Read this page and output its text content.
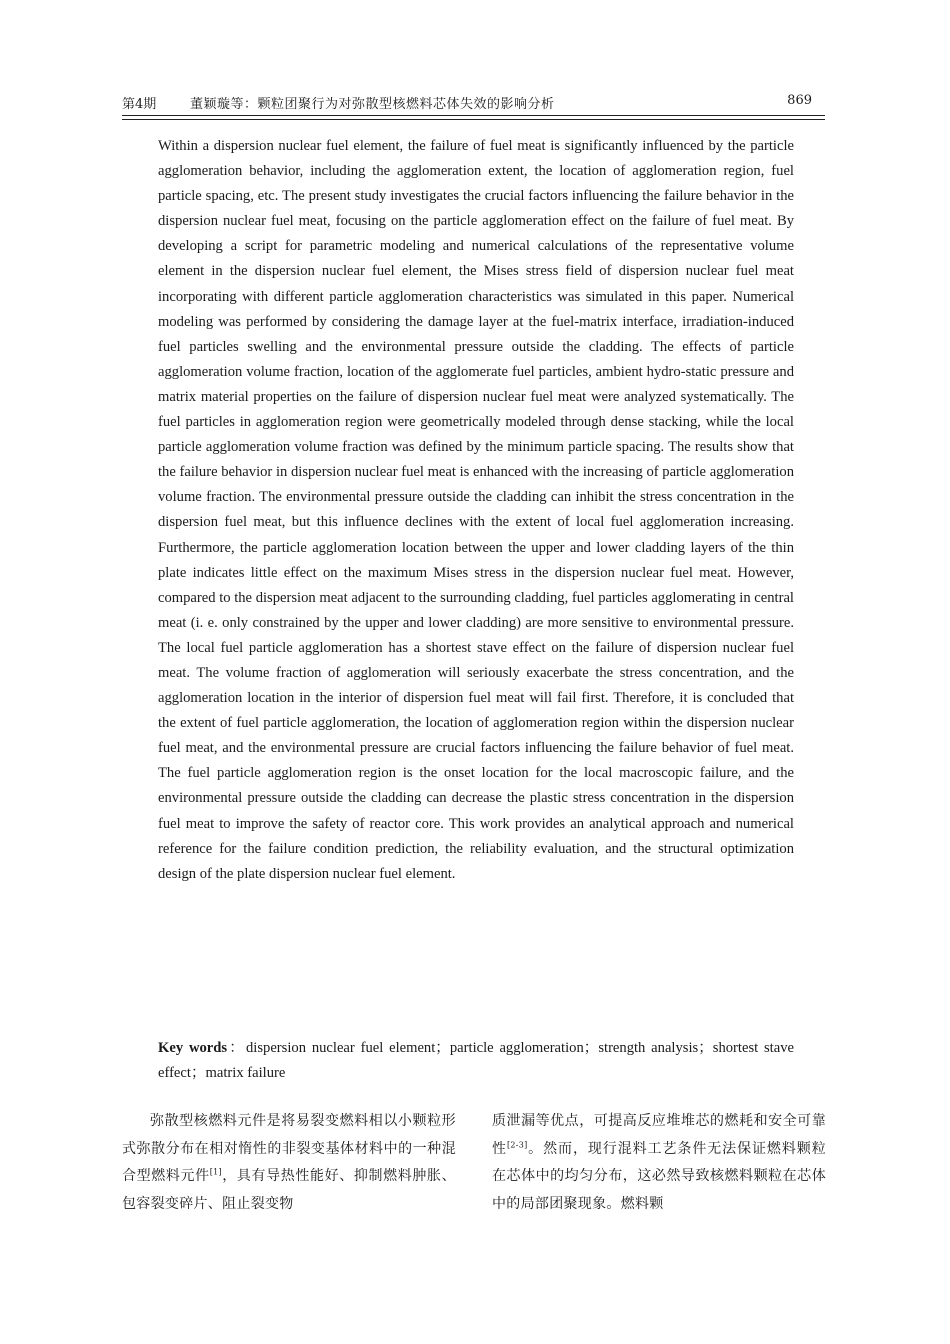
第4期	董颖璇等：颗粒团聚行为对弥散型核燃料芯体失效的影响分析	869

Within a dispersion nuclear fuel element, the failure of fuel meat is significantly influenced by the particle agglomeration behavior, including the agglomeration extent, the location of agglomeration region, fuel particle spacing, etc. The present study investigates the crucial factors influencing the failure behavior in the dispersion nuclear fuel meat, focusing on the particle agglomeration effect on the failure of fuel meat. By developing a script for parametric modeling and numerical calculations of the representative volume element in the dispersion nuclear fuel element, the Mises stress field of dispersion nuclear fuel meat incorporating with different particle agglomeration characteristics was simulated in this paper. Numerical modeling was performed by considering the damage layer at the fuel-matrix interface, irradiation-induced fuel particles swelling and the environmental pressure outside the cladding. The effects of particle agglomeration volume fraction, location of the agglomerate fuel particles, ambient hydro-static pressure and matrix material properties on the failure of dispersion nuclear fuel meat were analyzed systematically. The fuel particles in agglomeration region were geometrically modeled through dense stacking, while the local particle agglomeration volume fraction was defined by the minimum particle spacing. The results show that the failure behavior in dispersion nuclear fuel meat is enhanced with the increasing of particle agglomeration volume fraction. The environmental pressure outside the cladding can inhibit the stress concentration in the dispersion fuel meat, but this influence declines with the extent of local fuel agglomeration increasing. Furthermore, the particle agglomeration location between the upper and lower cladding layers of the thin plate indicates little effect on the maximum Mises stress in the dispersion nuclear fuel meat. However, compared to the dispersion meat adjacent to the surrounding cladding, fuel particles agglomerating in central meat (i. e. only constrained by the upper and lower cladding) are more sensitive to environmental pressure. The local fuel particle agglomeration has a shortest stave effect on the failure of dispersion nuclear fuel meat. The volume fraction of agglomeration will seriously exacerbate the stress concentration, and the agglomeration location in the interior of dispersion fuel meat will fail first. Therefore, it is concluded that the extent of fuel particle agglomeration, the location of agglomeration region within the dispersion nuclear fuel meat, and the environmental pressure are crucial factors influencing the failure behavior of fuel meat. The fuel particle agglomeration region is the onset location for the local macroscopic failure, and the environmental pressure outside the cladding can decrease the plastic stress concentration in the dispersion fuel meat to improve the safety of reactor core. This work provides an analytical approach and numerical reference for the failure condition prediction, the reliability evaluation, and the structural optimization design of the plate dispersion nuclear fuel element.

Key words：dispersion nuclear fuel element；particle agglomeration；strength analysis；shortest stave effect；matrix failure

弥散型核燃料元件是将易裂变燃料相以小颗粒形式弥散分布在相对惰性的非裂变基体材料中的一种混合型燃料元件[1]，具有导热性能好、抑制燃料肿胀、包容裂变碎片、阻止裂变物

质泄漏等优点，可提高反应堆堆芯的燃耗和安全可靠性[2-3]。然而，现行混料工艺条件无法保证燃料颗粒在芯体中的均匀分布，这必然导致核燃料颗粒在芯体中的局部团聚现象。燃料颗
